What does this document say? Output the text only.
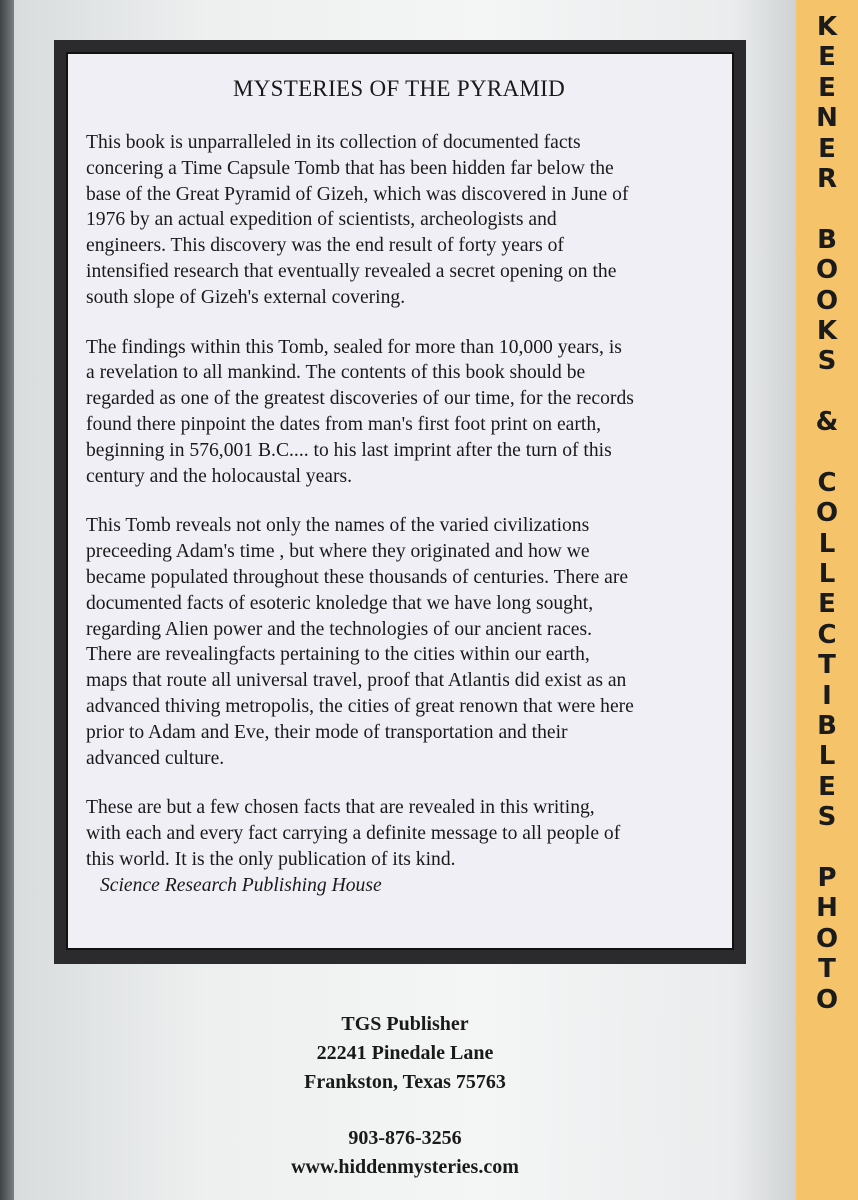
MYSTERIES OF THE PYRAMID
This book is unparralleled in its collection of documented facts
concering a Time Capsule Tomb that has been hidden far below the
base of the Great Pyramid of Gizeh, which was discovered in June of
1976 by an actual expedition of scientists, archeologists and
engineers. This discovery was the end result of forty years of
intensified research that eventually revealed a secret opening on the
south slope of Gizeh's external covering.
The findings within this Tomb, sealed for more than 10,000 years, is
a revelation to all mankind. The contents of this book should be
regarded as one of the greatest discoveries of our time, for the records
found there pinpoint the dates from man's first foot print on earth,
beginning in 576,001 B.C.... to his last imprint after the turn of this
century and the holocaustal years.
This Tomb reveals not only the names of the varied civilizations
preceeding Adam's time , but where they originated and how we
became populated throughout these thousands of centuries. There are
documented facts of esoteric knoledge that we have long sought,
regarding Alien power and the technologies of our ancient races.
There are revealingfacts pertaining to the cities within our earth,
maps that route all universal travel, proof that Atlantis did exist as an
advanced thiving metropolis, the cities of great renown that were here
prior to Adam and Eve, their mode of transportation and their
advanced culture.
These are but a few chosen facts that are revealed in this writing,
with each and every fact carrying a definite message to all people of
this world. It is the only publication of its kind.
Science Research Publishing House
TGS Publisher
22241 Pinedale Lane
Frankston, Texas 75763
903-876-3256
www.hiddenmysteries.com
K
E
E
N
E
R
B
O
O
K
S
&
C
O
L
L
E
C
T
I
B
L
E
S
P
H
O
T
O
